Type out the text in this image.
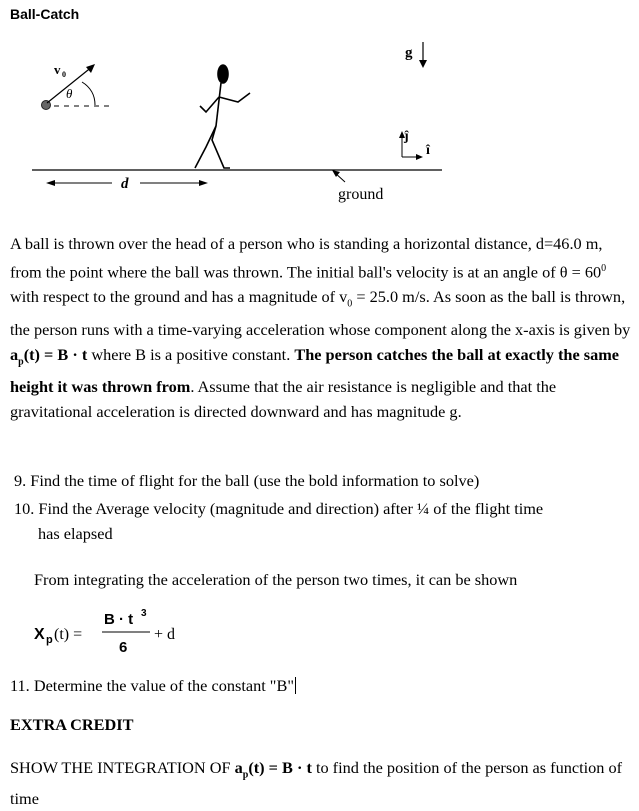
Ball-Catch
v 0
θ
d
ground
g
ĵ
î
A ball is thrown over the head of a person who is standing a horizontal distance, d=46.0 m, from the point where the ball was thrown. The initial ball's velocity is at an angle of $\theta = 60^0$ with respect to the ground and has a magnitude of $v_0 = 25.0$ m/s. As soon as the ball is thrown, the person runs with a time-varying acceleration whose component along the x-axis is given by $a_p(t) = B \cdot t$ where B is a positive constant. The person catches the ball at exactly the same height it was thrown from. Assume that the air resistance is negligible and that the gravitational acceleration is directed downward and has magnitude g.
9. Find the time of flight for the ball (use the bold information to solve)
10. Find the Average velocity (magnitude and direction) after ¼ of the flight time
has elapsed
From integrating the acceleration of the person two times, it can be shown
X p (t) =
B · t 3
6
+ d
11. Determine the value of the constant "B"
EXTRA CREDIT
SHOW THE INTEGRATION OF $a_p(t) = B \cdot t$ to find the position of the person as function of time
